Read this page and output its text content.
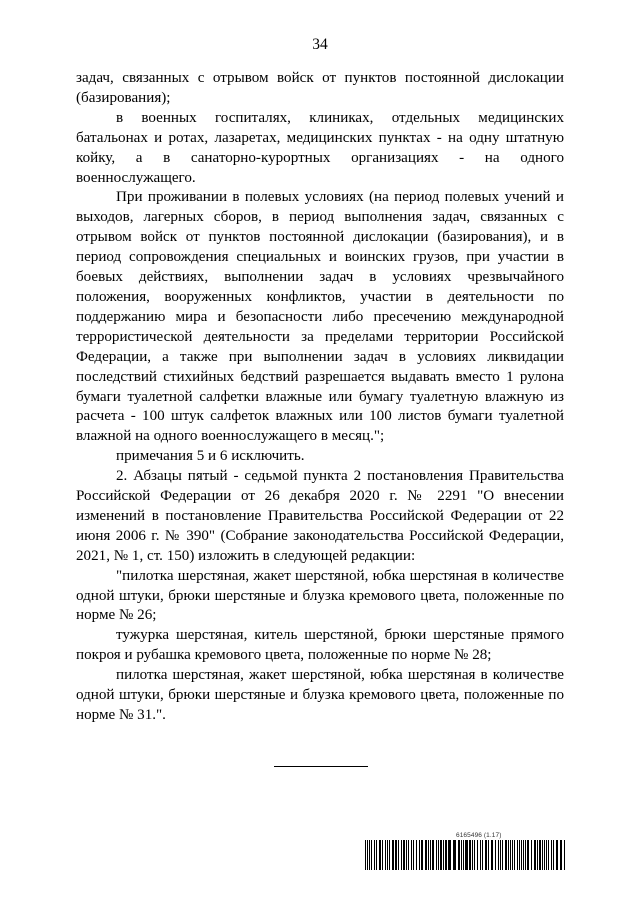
34

задач, связанных с отрывом войск от пунктов постоянной дислокации (базирования);

в военных госпиталях, клиниках, отдельных медицинских батальонах и ротах, лазаретах, медицинских пунктах - на одну штатную койку, а в санаторно-курортных организациях - на одного военнослужащего.

При проживании в полевых условиях (на период полевых учений и выходов, лагерных сборов, в период выполнения задач, связанных с отрывом войск от пунктов постоянной дислокации (базирования), и в период сопровождения специальных и воинских грузов, при участии в боевых действиях, выполнении задач в условиях чрезвычайного положения, вооруженных конфликтов, участии в деятельности по поддержанию мира и безопасности либо пресечению международной террористической деятельности за пределами территории Российской Федерации, а также при выполнении задач в условиях ликвидации последствий стихийных бедствий разрешается выдавать вместо 1 рулона бумаги туалетной салфетки влажные или бумагу туалетную влажную из расчета - 100 штук салфеток влажных или 100 листов бумаги туалетной влажной на одного военнослужащего в месяц.";

примечания 5 и 6 исключить.

2. Абзацы пятый - седьмой пункта 2 постановления Правительства Российской Федерации от 26 декабря 2020 г. № 2291 "О внесении изменений в постановление Правительства Российской Федерации от 22 июня 2006 г. № 390" (Собрание законодательства Российской Федерации, 2021, № 1, ст. 150) изложить в следующей редакции:

"пилотка шерстяная, жакет шерстяной, юбка шерстяная в количестве одной штуки, брюки шерстяные и блузка кремового цвета, положенные по норме № 26;

тужурка шерстяная, китель шерстяной, брюки шерстяные прямого покроя и рубашка кремового цвета, положенные по норме № 28;

пилотка шерстяная, жакет шерстяной, юбка шерстяная в количестве одной штуки, брюки шерстяные и блузка кремового цвета, положенные по норме № 31.".

6165496 (1.17)
